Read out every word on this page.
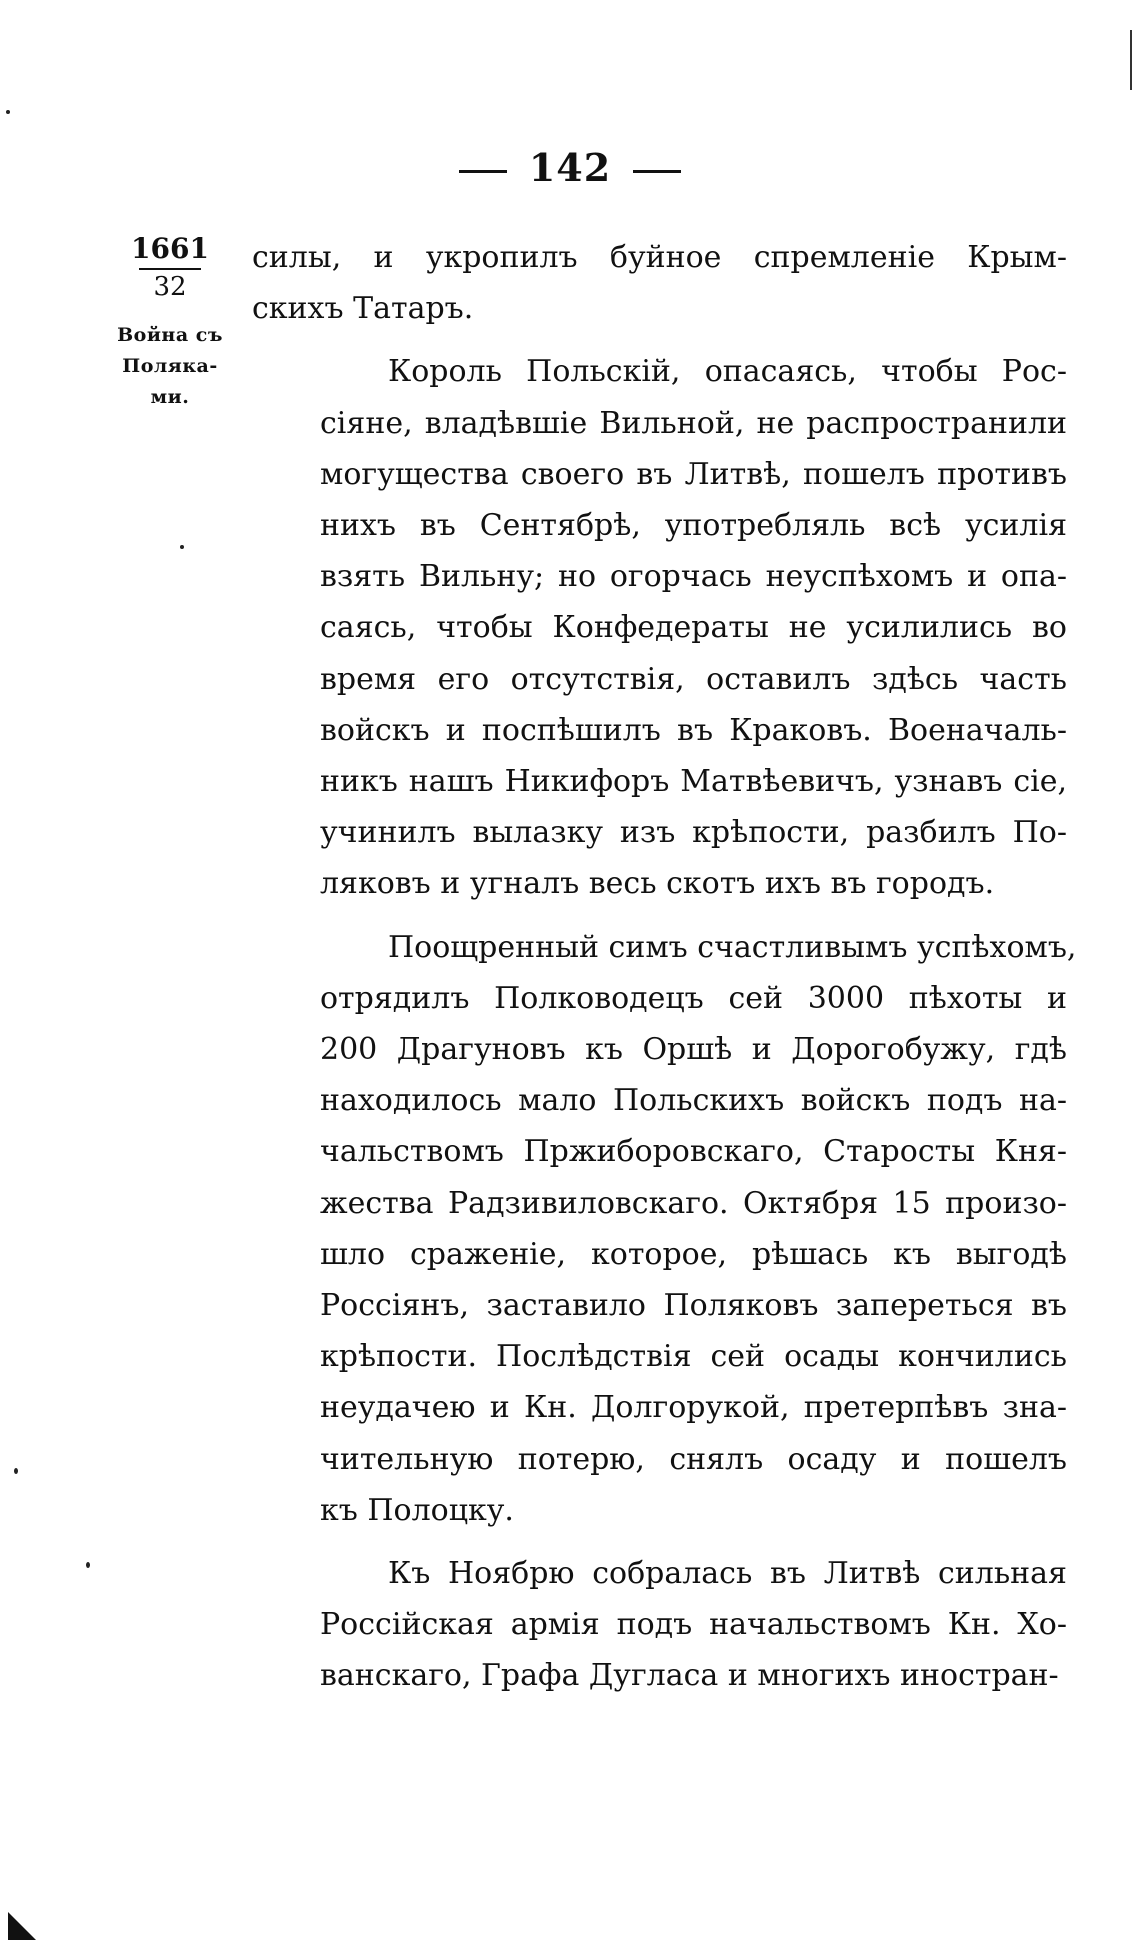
142
1661
32
Война съ
Поляка-
ми.

силы, и укрoпилъ буйное спремленіе Крым-
скихъ Татаръ.

Король Польскій, опасаясь, чтобы Рос-
сіяне, владѣвшіе Вильной, не распространили
могущества своего въ Литвѣ, пошелъ противъ
нихъ въ Сентябрѣ, употребляль всѣ усилія
взять Вильну; но огорчась неуспѣхомъ и опа-
саясь, чтобы Конфедераты не усилились во
время его отсутствія, оставилъ здѣсь часть
войскъ и поспѣшилъ въ Краковъ. Военачаль-
никъ нашъ Никифоръ Матвѣевичъ, узнавъ сіе,
учинилъ вылазку изъ крѣпости, разбилъ По-
ляковъ и угналъ весь скотъ ихъ въ городъ.

Поощренный симъ счастливымъ успѣхомъ,
отрядилъ Полководецъ сей 3000 пѣхоты и
200 Драгуновъ къ Оршѣ и Дорогобужу, гдѣ
находилось мало Польскихъ войскъ подъ на-
чальствомъ Пржиборовскаго, Старосты Кня-
жества Радзивиловскаго. Октября 15 произо-
шло сраженіе, которое, рѣшась къ выгодѣ
Россіянъ, заставило Поляковъ запереться въ
крѣпости. Послѣдствія сей осады кончились
неудачею и Кн. Долгорукой, претерпѣвъ зна-
чительную потерю, снялъ осаду и пошелъ
къ Полоцку.

Къ Ноябрю собралась въ Литвѣ сильная
Россійская армія подъ начальствомъ Кн. Хо-
ванскаго, Графа Дугласа и многихъ иностран-
